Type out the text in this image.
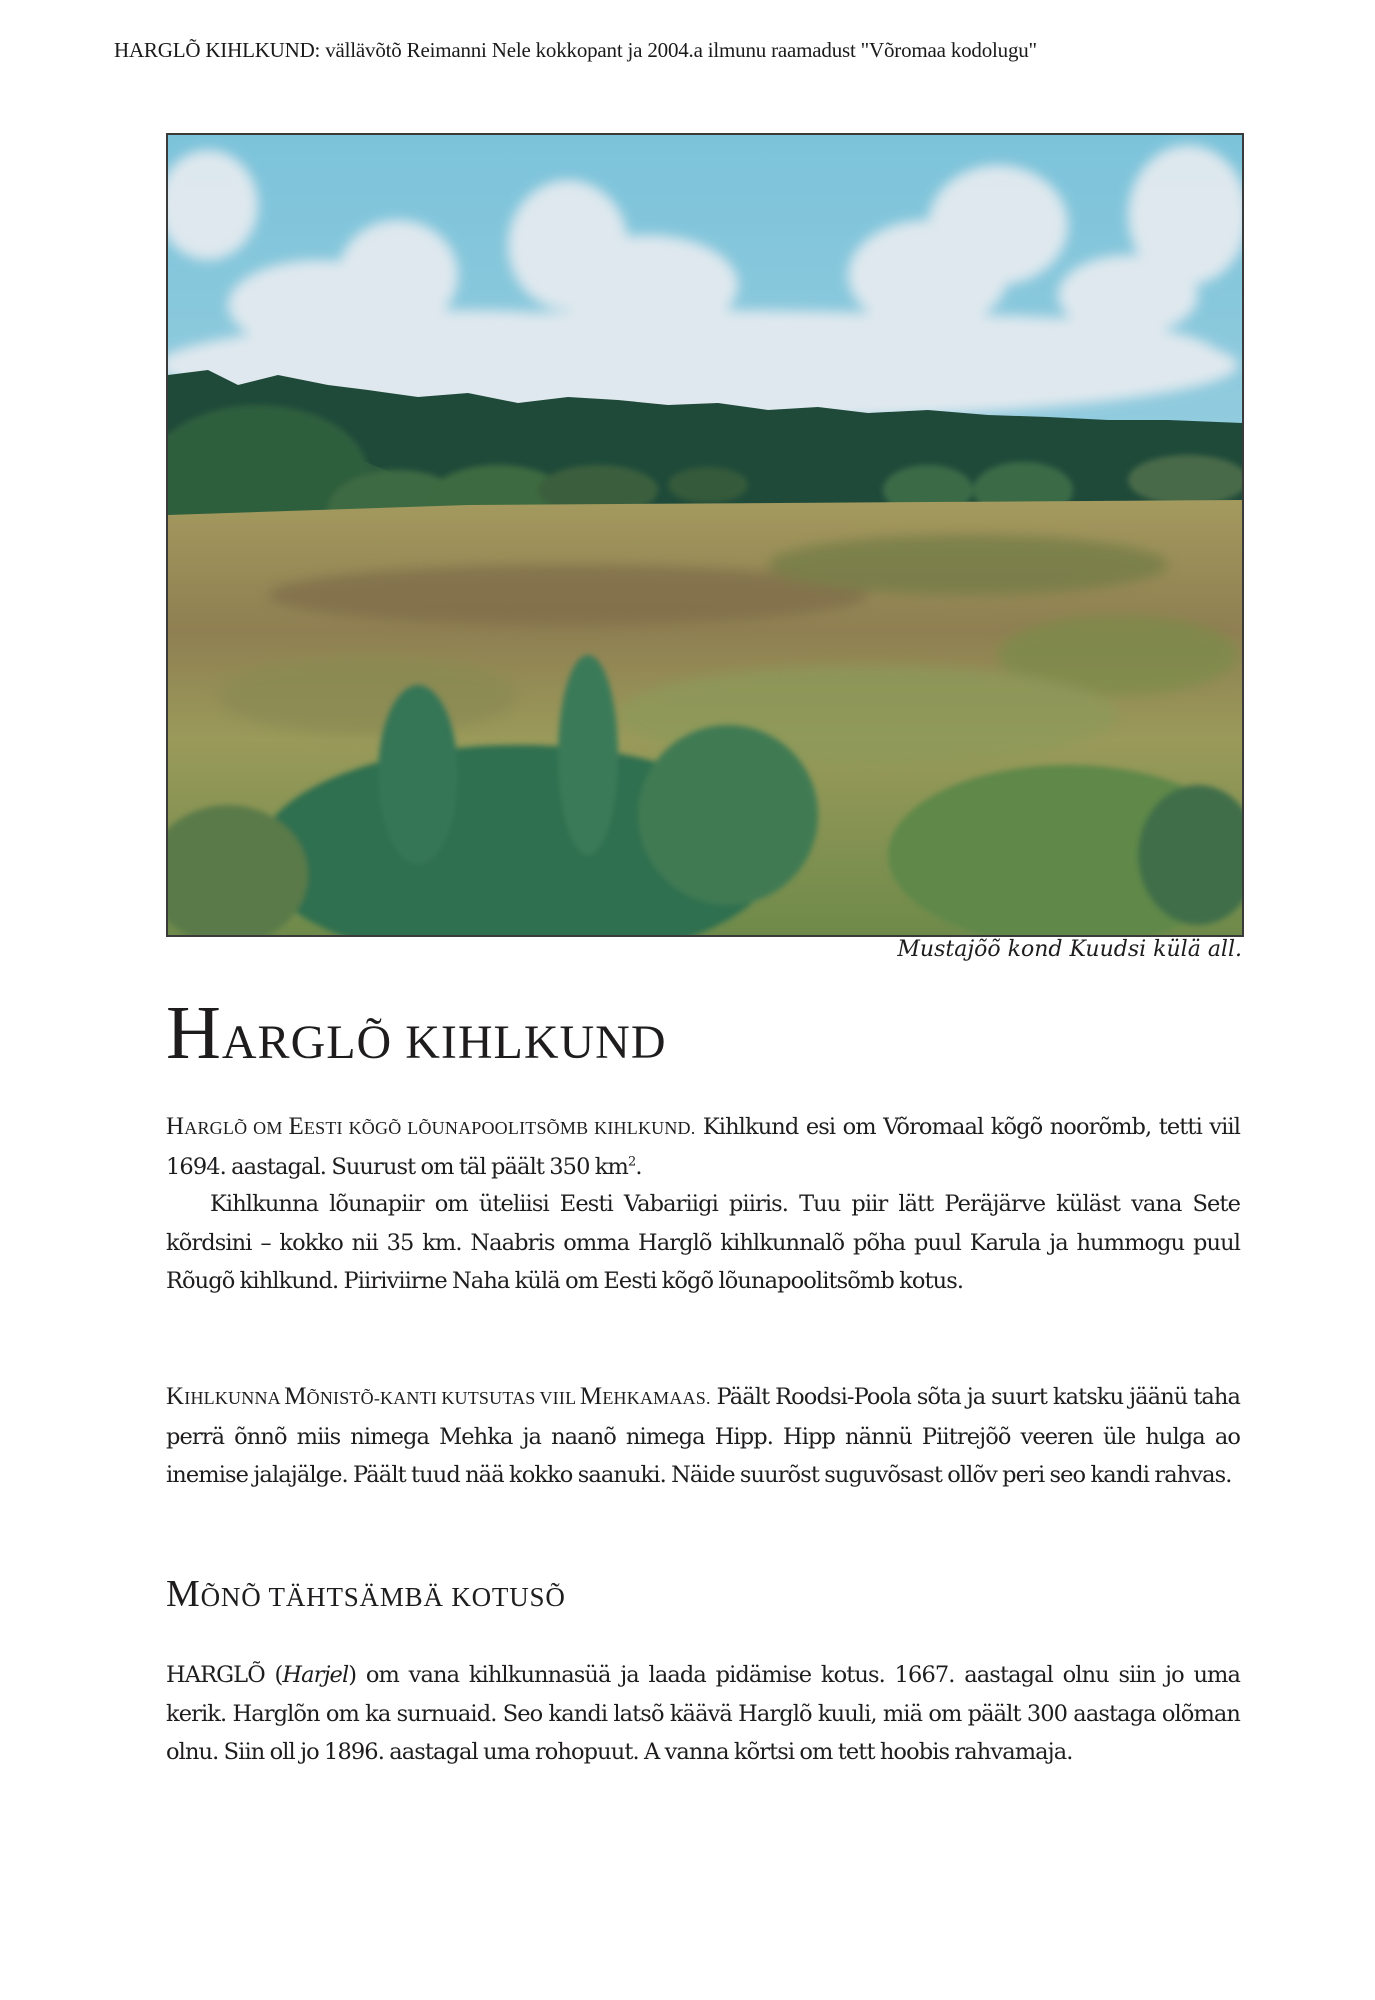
HARGLÕ KIHLKUND: vällävõtõ Reimanni Nele kokkopant ja 2004.a ilmunu raamadust "Võromaa kodolugu"
Mustajõõ kond Kuudsi külä all.
HARGLÕ KIHLKUND

HARGLÕ OM EESTI KÕGÕ LÕUNAPOOLITSÕMB KIHLKUND. Kihlkund esi om Võromaal kõgõ noorõmb, tetti viil 1694. aastagal. Suurust om täl päält 350 $km^2$.

Kihlkunna lõunapiir om üteliisi Eesti Vabariigi piiris. Tuu piir lätt Peräjärve küläst vana Sete kõrdsini – kokko nii 35 km. Naabris omma Harglõ kihlkunnalõ põha puul Karula ja hummogu puul Rõugõ kihlkund. Piiriviirne Naha külä om Eesti kõgõ lõunapoolitsõmb kotus.

KIHLKUNNA MÕNISTÕ-KANTI KUTSUTAS VIIL MEHKAMAAS. Päält Roodsi-Poola sõta ja suurt katsku jäänü taha perrä õnnõ miis nimega Mehka ja naanõ nimega Hipp. Hipp nännü Piitrejõõ veeren üle hulga ao inemise jalajälge. Päält tuud nää kokko saanuki. Näide suurõst suguvõsast ollõv peri seo kandi rahvas.

MÕNÕ TÄHTSÄMBÄ KOTUSÕ

HARGLÕ (Harjel) om vana kihlkunnasüä ja laada pidämise kotus. 1667. aastagal olnu siin jo uma kerik. Harglõn om ka surnuaid. Seo kandi latsõ käävä Harglõ kuuli, miä om päält 300 aastaga olõman olnu. Siin oll jo 1896. aastagal uma rohopuut. A vanna kõrtsi om tett hoobis rahvamaja.
